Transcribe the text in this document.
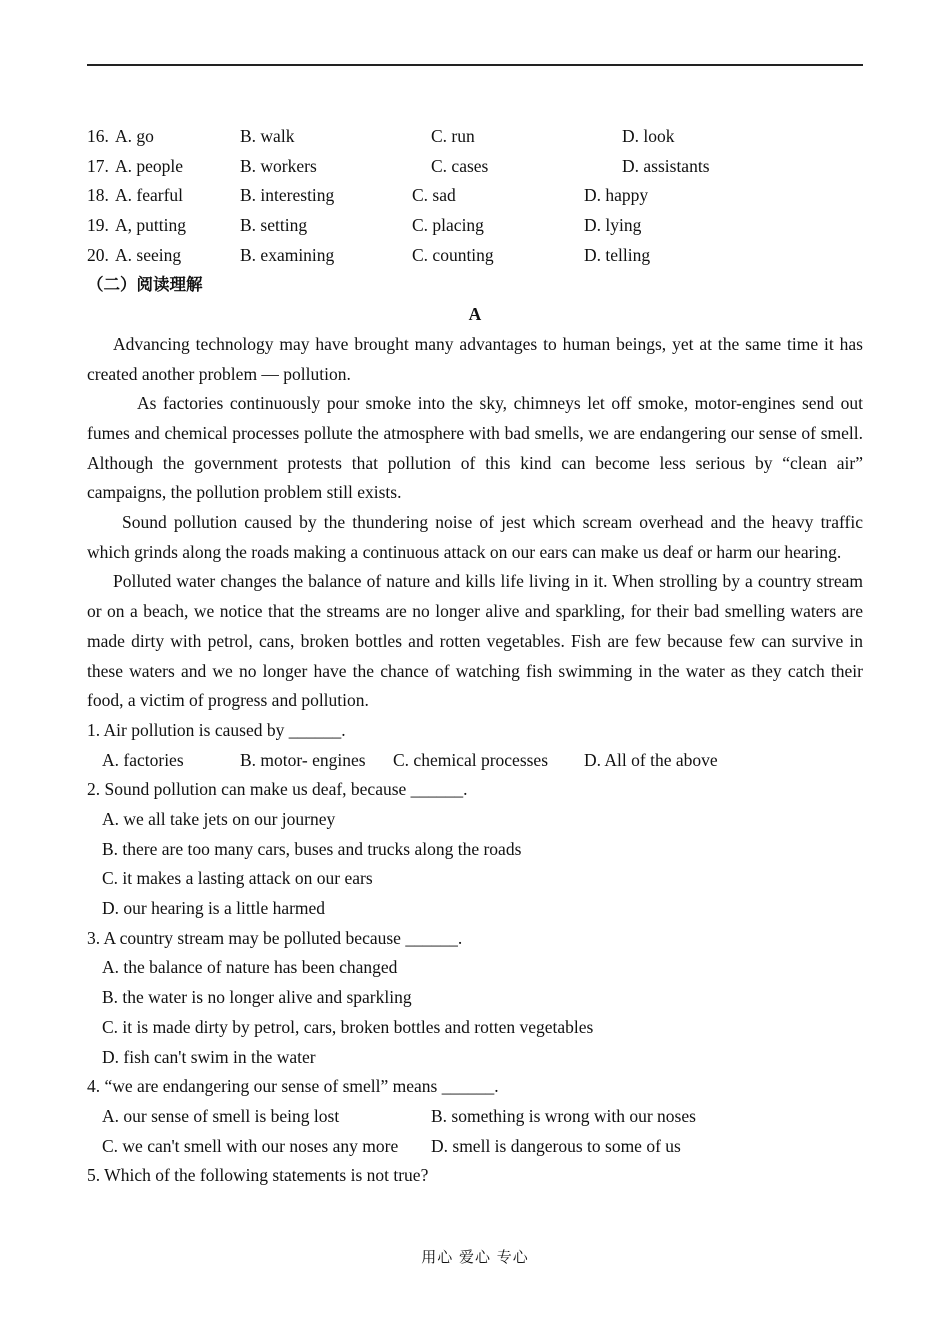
16. A. go	B. walk	C. run	D. look
17. A. people	B. workers	C. cases	D. assistants
18. A. fearful	B. interesting	C. sad	D. happy
19. A, putting	B. setting	C. placing	D. lying
20. A. seeing	B. examining	C. counting	D. telling
（二）阅读理解
A

Advancing technology may have brought many advantages to human beings, yet at the same time it has created another problem — pollution.

As factories continuously pour smoke into the sky, chimneys let off smoke, motor-engines send out fumes and chemical processes pollute the atmosphere with bad smells, we are endangering our sense of smell. Although the government protests that pollution of this kind can become less serious by “clean air” campaigns, the pollution problem still exists.

Sound pollution caused by the thundering noise of jest which scream overhead and the heavy traffic which grinds along the roads making a continuous attack on our ears can make us deaf or harm our hearing.

Polluted water changes the balance of nature and kills life living in it. When strolling by a country stream or on a beach, we notice that the streams are no longer alive and sparkling, for their bad smelling waters are made dirty with petrol, cans, broken bottles and rotten vegetables. Fish are few because few can survive in these waters and we no longer have the chance of watching fish swimming in the water as they catch their food, a victim of progress and pollution.

1. Air pollution is caused by ______.
A. factories	B. motor- engines C. chemical processes D. All of the above
2. Sound pollution can make us deaf, because ______.
A. we all take jets on our journey
B. there are too many cars, buses and trucks along the roads
C. it makes a lasting attack on our ears
D. our hearing is a little harmed
3. A country stream may be polluted because ______.
A. the balance of nature has been changed
B. the water is no longer alive and sparkling
C. it is made dirty by petrol, cars, broken bottles and rotten vegetables
D. fish can't swim in the water
4. “we are endangering our sense of smell” means ______.
A. our sense of smell is being lost	B. something is wrong with our noses
C. we can't smell with our noses any more D. smell is dangerous to some of us
5. Which of the following statements is not true?
用心 爱心 专心
